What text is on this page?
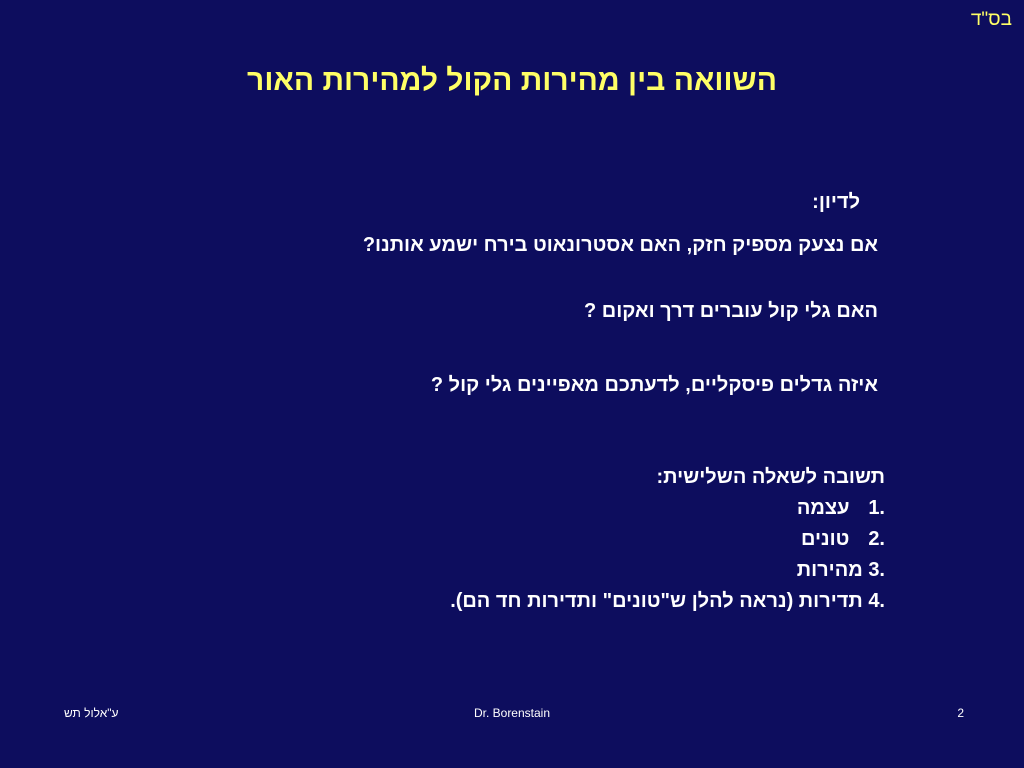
בס"ד
השוואה בין מהירות הקול למהירות האור
לדיון:
אם נצעק מספיק חזק, האם אסטרונאוט בירח ישמע אותנו?
האם גלי קול עוברים דרך ואקום ?
איזה גדלים פיסקליים, לדעתכם מאפיינים גלי קול ?
תשובה לשאלה השלישית:
1. עצמה
2. טונים
3. מהירות
4. תדירות (נראה להלן ש"טונים" ותדירות חד הם).
ע"אלול תש	Dr. Borenstain	2
